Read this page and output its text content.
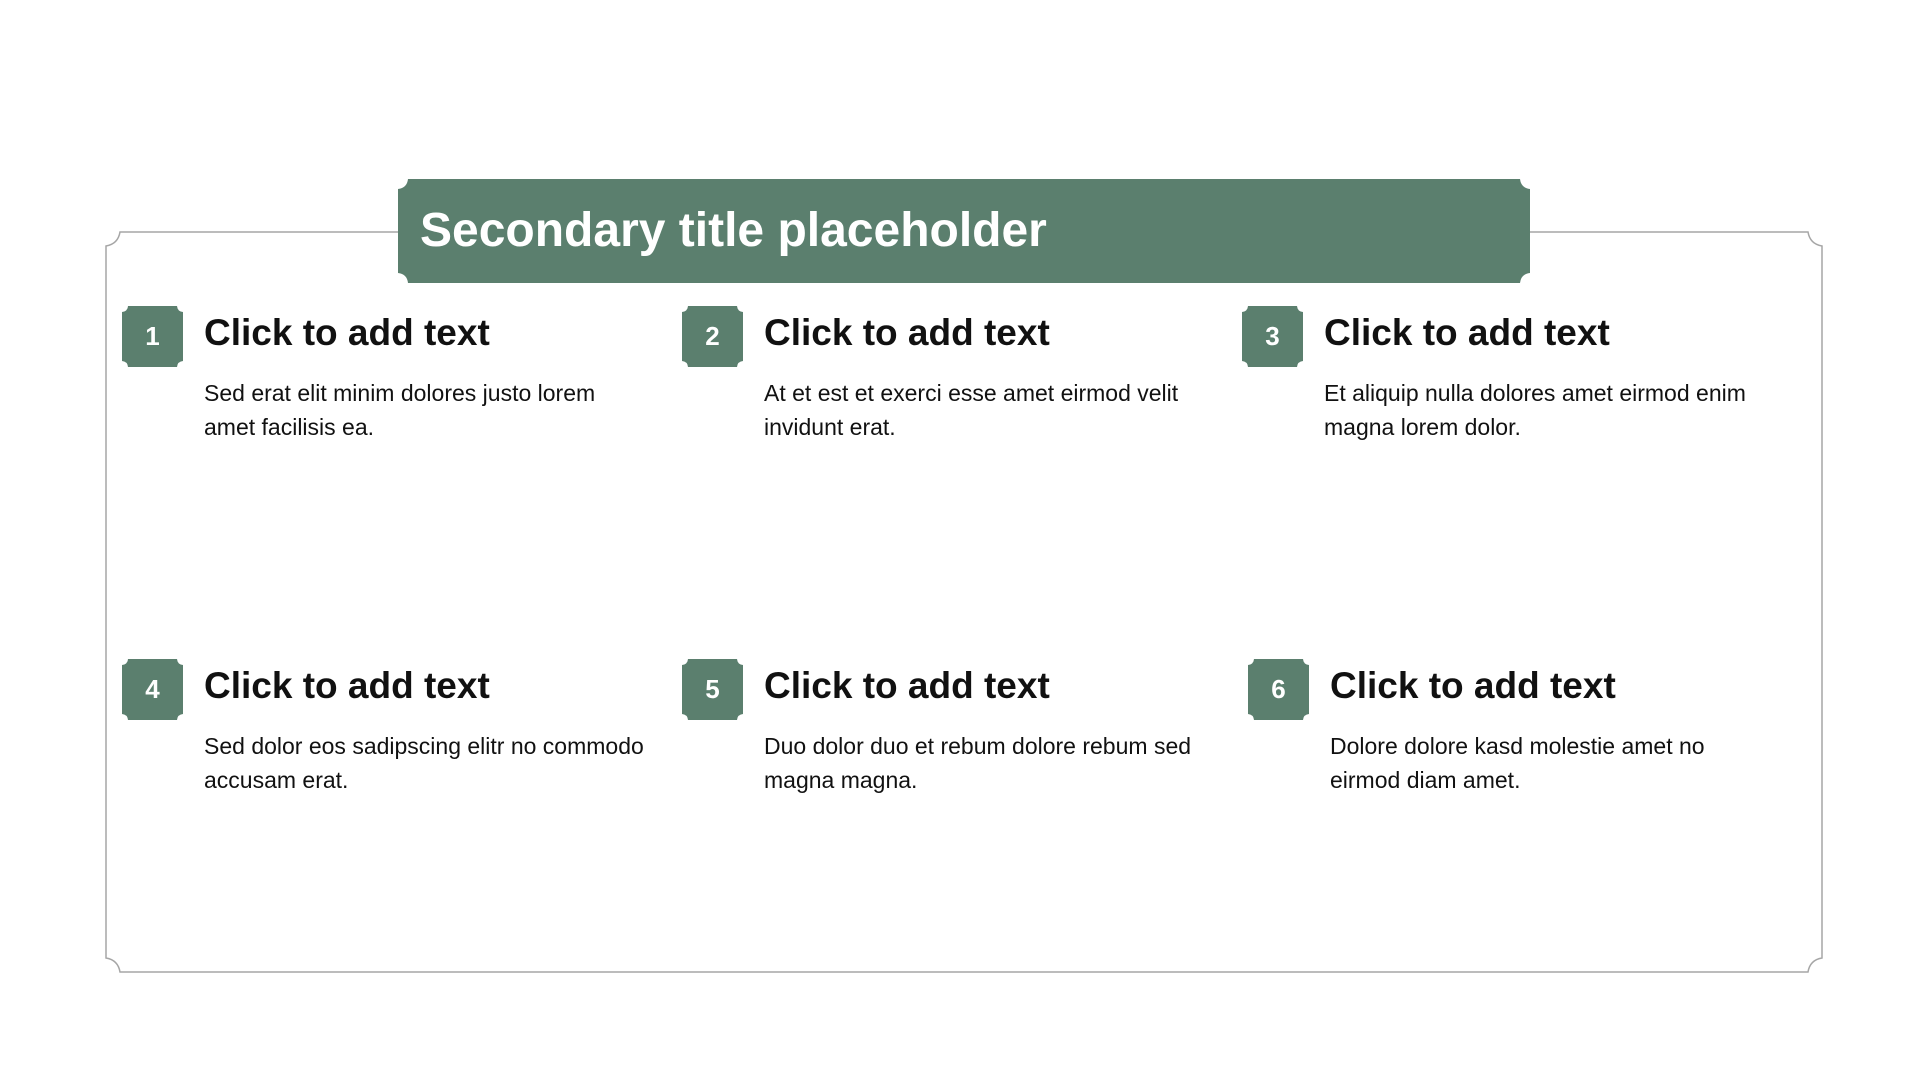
Secondary title placeholder
1	Click to add text
Sed erat elit minim dolores justo lorem amet facilisis ea.
2	Click to add text
At et est et exerci esse amet eirmod velit invidunt erat.
3	Click to add text
Et aliquip nulla dolores amet eirmod enim magna lorem dolor.
4	Click to add text
Sed dolor eos sadipscing elitr no commodo accusam erat.
5	Click to add text
Duo dolor duo et rebum dolore rebum sed magna magna.
6	Click to add text
Dolore dolore kasd molestie amet no eirmod diam amet.
